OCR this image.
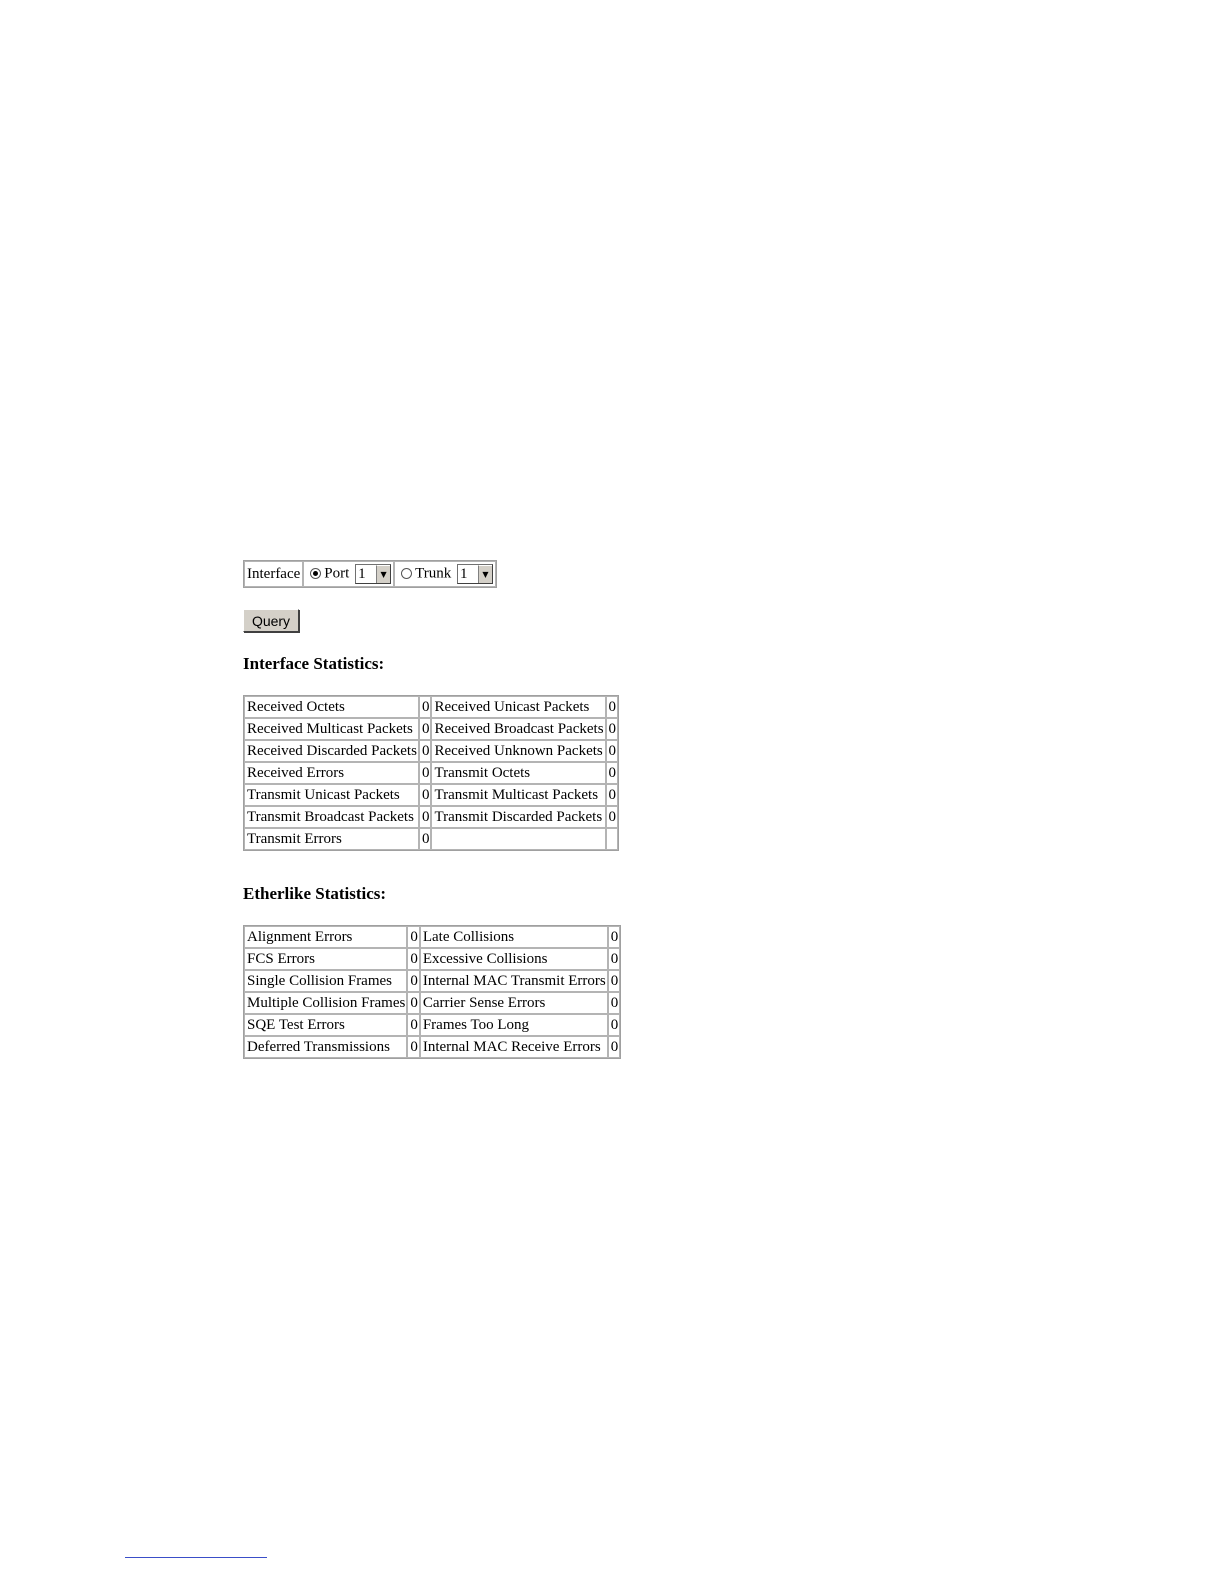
Interface	Port 1	▼	Trunk 1	▼
Query
Interface Statistics:
Received Octets	0	Received Unicast Packets	0
Received Multicast Packets	0	Received Broadcast Packets	0
Received Discarded Packets	0	Received Unknown Packets	0
Received Errors	0	Transmit Octets	0
Transmit Unicast Packets	0	Transmit Multicast Packets	0
Transmit Broadcast Packets	0	Transmit Discarded Packets	0
Transmit Errors	0		
Etherlike Statistics:
Alignment Errors	0	Late Collisions	0
FCS Errors	0	Excessive Collisions	0
Single Collision Frames	0	Internal MAC Transmit Errors	0
Multiple Collision Frames	0	Carrier Sense Errors	0
SQE Test Errors	0	Frames Too Long	0
Deferred Transmissions	0	Internal MAC Receive Errors	0
